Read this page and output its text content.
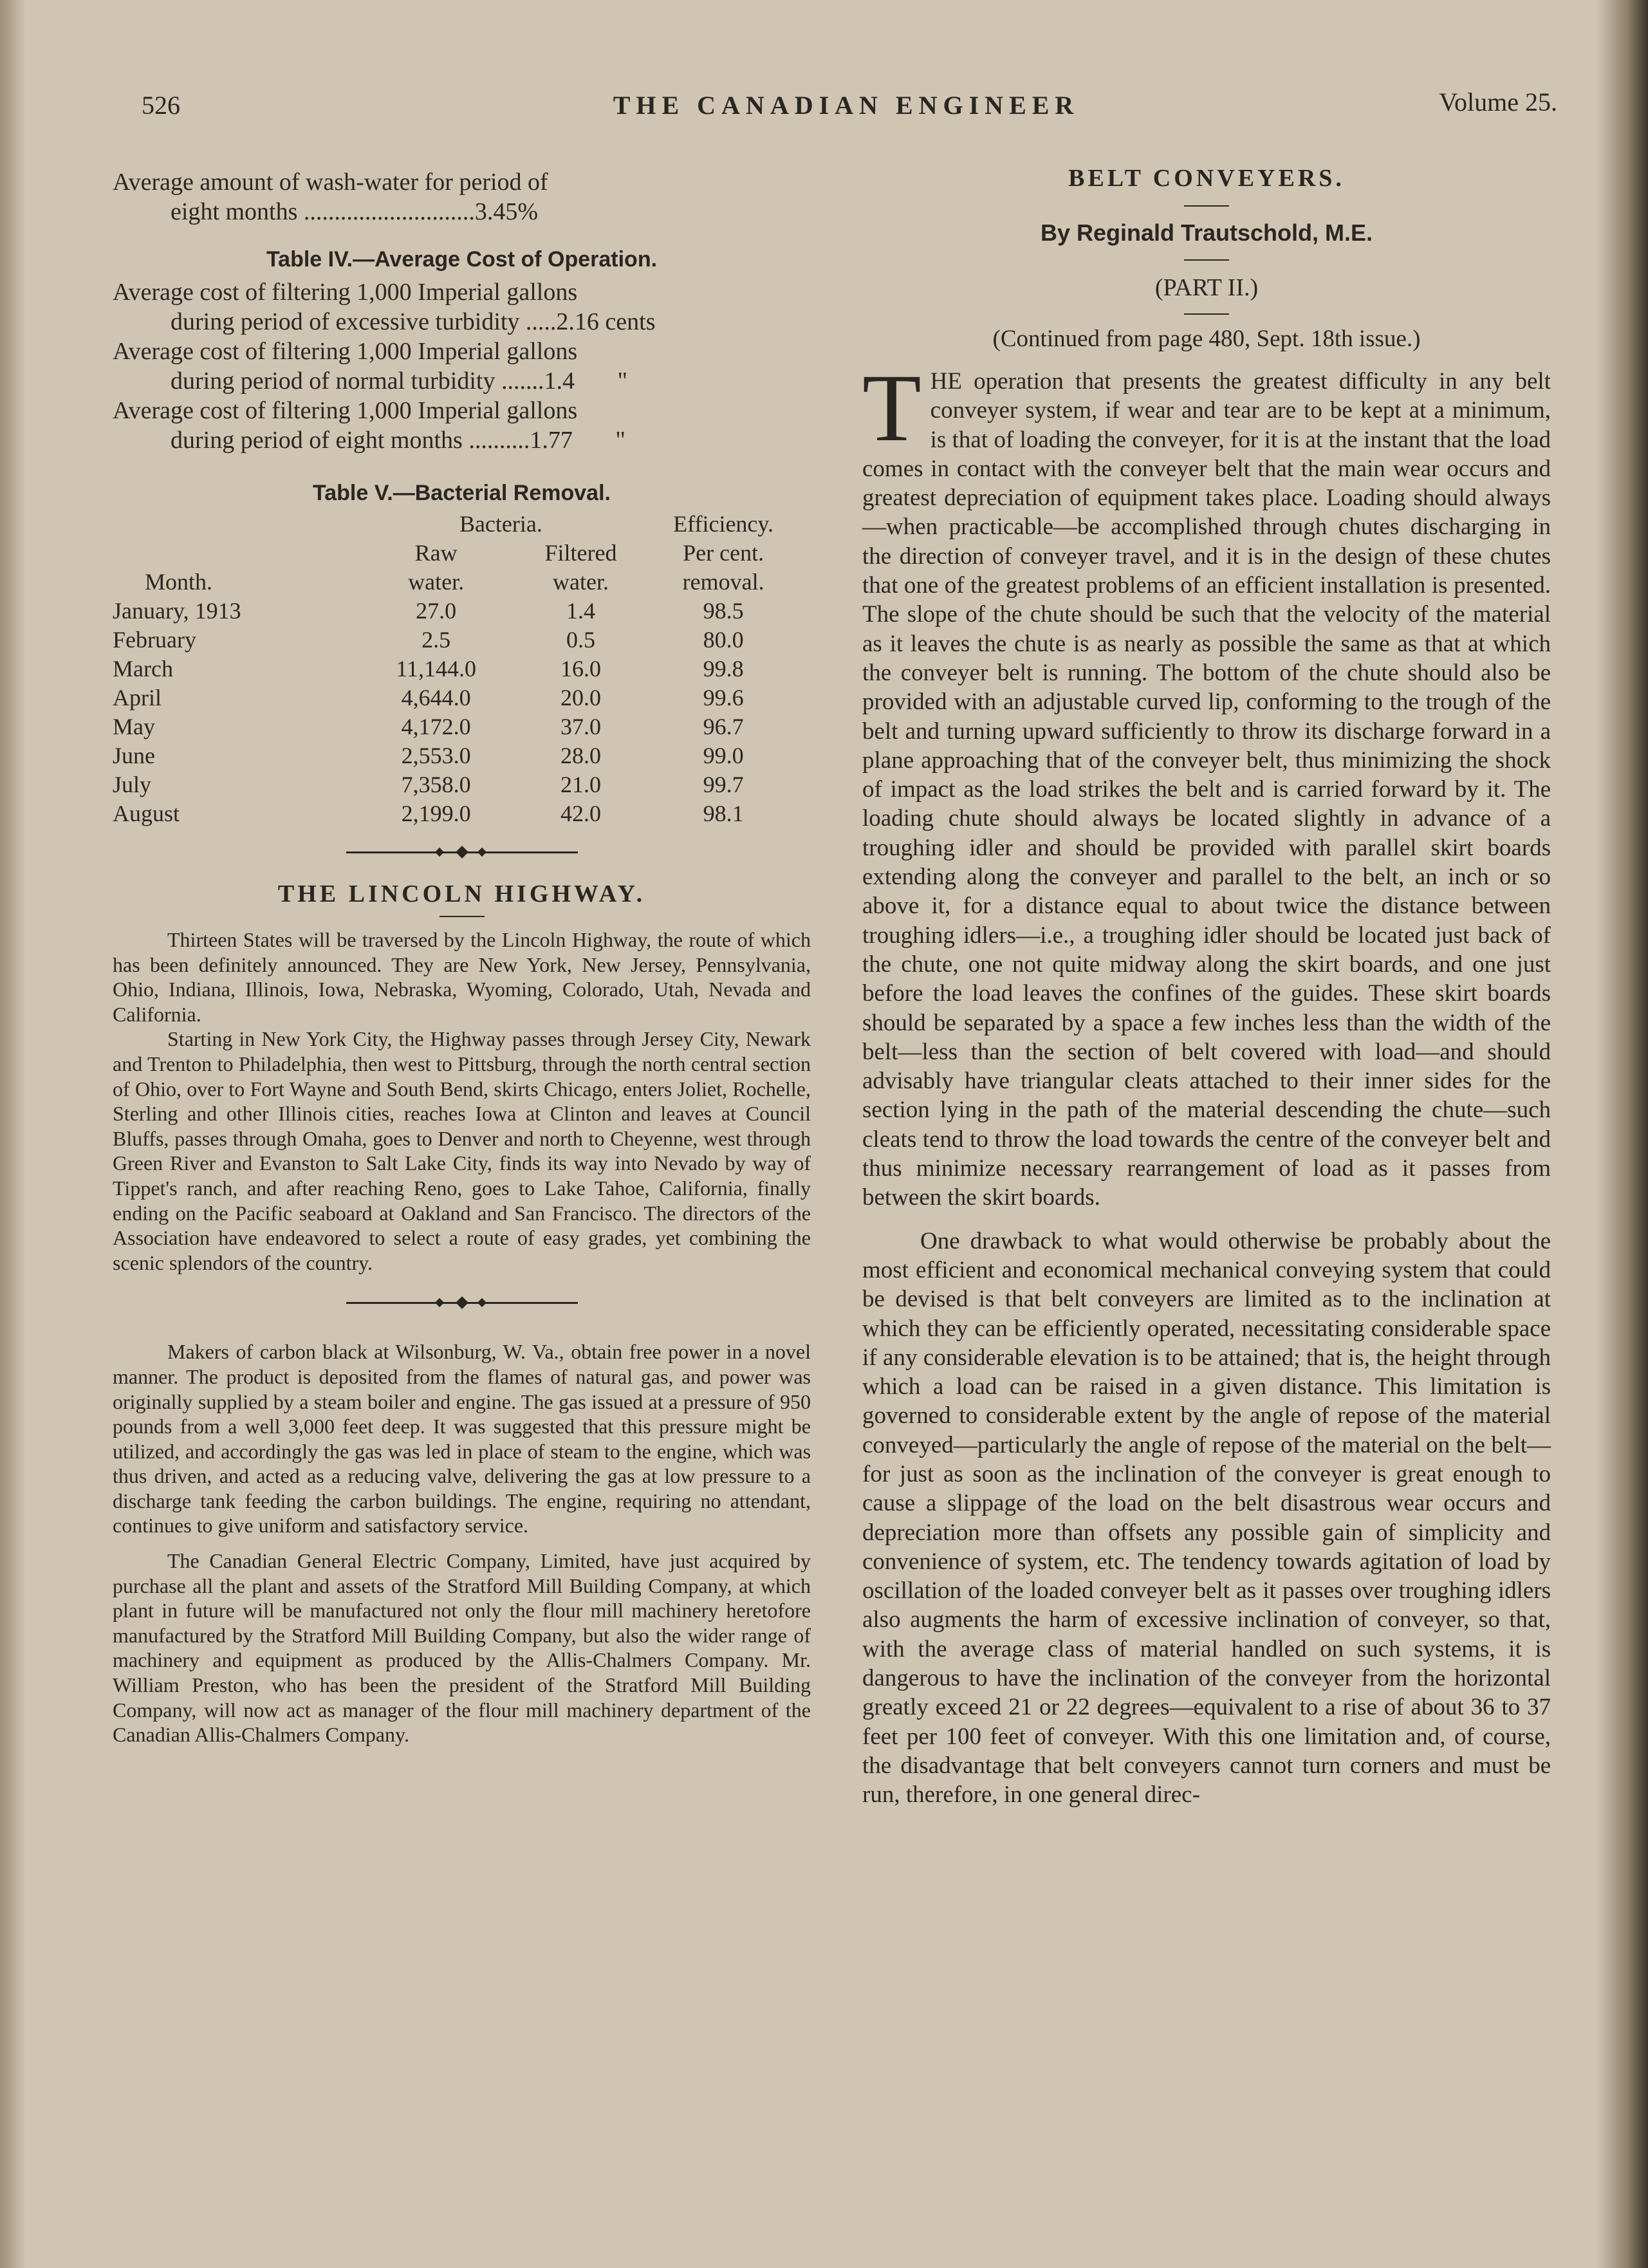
526	THE CANADIAN ENGINEER	Volume 25.
Average amount of wash-water for period of
eight months ............................3.45%
Table IV.—Average Cost of Operation.
Average cost of filtering 1,000 Imperial gallons
during period of excessive turbidity .....2.16 cents
Average cost of filtering 1,000 Imperial gallons
during period of normal turbidity .......1.4       "
Average cost of filtering 1,000 Imperial gallons
during period of eight months ..........1.77       "
Table V.—Bacterial Removal.
	Bacteria.		Efficiency.
	Raw	Filtered	Per cent.
Month.	water.	water.	removal.
January, 1913	27.0	1.4	98.5
February	2.5	0.5	80.0
March	11,144.0	16.0	99.8
April	4,644.0	20.0	99.6
May	4,172.0	37.0	96.7
June	2,553.0	28.0	99.0
July	7,358.0	21.0	99.7
August	2,199.0	42.0	98.1
THE LINCOLN HIGHWAY.

Thirteen States will be traversed by the Lincoln Highway, the route of which has been definitely announced. They are New York, New Jersey, Pennsylvania, Ohio, Indiana, Illinois, Iowa, Nebraska, Wyoming, Colorado, Utah, Nevada and California.

Starting in New York City, the Highway passes through Jersey City, Newark and Trenton to Philadelphia, then west to Pittsburg, through the north central section of Ohio, over to Fort Wayne and South Bend, skirts Chicago, enters Joliet, Rochelle, Sterling and other Illinois cities, reaches Iowa at Clinton and leaves at Council Bluffs, passes through Omaha, goes to Denver and north to Cheyenne, west through Green River and Evanston to Salt Lake City, finds its way into Nevado by way of Tippet's ranch, and after reaching Reno, goes to Lake Tahoe, California, finally ending on the Pacific seaboard at Oakland and San Francisco. The directors of the Association have endeavored to select a route of easy grades, yet combining the scenic splendors of the country.

Makers of carbon black at Wilsonburg, W. Va., obtain free power in a novel manner. The product is deposited from the flames of natural gas, and power was originally supplied by a steam boiler and engine. The gas issued at a pressure of 950 pounds from a well 3,000 feet deep. It was suggested that this pressure might be utilized, and accordingly the gas was led in place of steam to the engine, which was thus driven, and acted as a reducing valve, delivering the gas at low pressure to a discharge tank feeding the carbon buildings. The engine, requiring no attendant, continues to give uniform and satisfactory service.

The Canadian General Electric Company, Limited, have just acquired by purchase all the plant and assets of the Stratford Mill Building Company, at which plant in future will be manufactured not only the flour mill machinery heretofore manufactured by the Stratford Mill Building Company, but also the wider range of machinery and equipment as produced by the Allis-Chalmers Company. Mr. William Preston, who has been the president of the Stratford Mill Building Company, will now act as manager of the flour mill machinery department of the Canadian Allis-Chalmers Company.

BELT CONVEYERS.
By Reginald Trautschold, M.E.
(PART II.)
(Continued from page 480, Sept. 18th issue.)

THE operation that presents the greatest difficulty in any belt conveyer system, if wear and tear are to be kept at a minimum, is that of loading the conveyer, for it is at the instant that the load comes in contact with the conveyer belt that the main wear occurs and greatest depreciation of equipment takes place. Loading should always—when practicable—be accomplished through chutes discharging in the direction of conveyer travel, and it is in the design of these chutes that one of the greatest problems of an efficient installation is presented. The slope of the chute should be such that the velocity of the material as it leaves the chute is as nearly as possible the same as that at which the conveyer belt is running. The bottom of the chute should also be provided with an adjustable curved lip, conforming to the trough of the belt and turning upward sufficiently to throw its discharge forward in a plane approaching that of the conveyer belt, thus minimizing the shock of impact as the load strikes the belt and is carried forward by it. The loading chute should always be located slightly in advance of a troughing idler and should be provided with parallel skirt boards extending along the conveyer and parallel to the belt, an inch or so above it, for a distance equal to about twice the distance between troughing idlers—i.e., a troughing idler should be located just back of the chute, one not quite midway along the skirt boards, and one just before the load leaves the confines of the guides. These skirt boards should be separated by a space a few inches less than the width of the belt—less than the section of belt covered with load—and should advisably have triangular cleats attached to their inner sides for the section lying in the path of the material descending the chute—such cleats tend to throw the load towards the centre of the conveyer belt and thus minimize necessary rearrangement of load as it passes from between the skirt boards.

One drawback to what would otherwise be probably about the most efficient and economical mechanical conveying system that could be devised is that belt conveyers are limited as to the inclination at which they can be efficiently operated, necessitating considerable space if any considerable elevation is to be attained; that is, the height through which a load can be raised in a given distance. This limitation is governed to considerable extent by the angle of repose of the material conveyed—particularly the angle of repose of the material on the belt—for just as soon as the inclination of the conveyer is great enough to cause a slippage of the load on the belt disastrous wear occurs and depreciation more than offsets any possible gain of simplicity and convenience of system, etc. The tendency towards agitation of load by oscillation of the loaded conveyer belt as it passes over troughing idlers also augments the harm of excessive inclination of conveyer, so that, with the average class of material handled on such systems, it is dangerous to have the inclination of the conveyer from the horizontal greatly exceed 21 or 22 degrees—equivalent to a rise of about 36 to 37 feet per 100 feet of conveyer. With this one limitation and, of course, the disadvantage that belt conveyers cannot turn corners and must be run, therefore, in one general direc-
